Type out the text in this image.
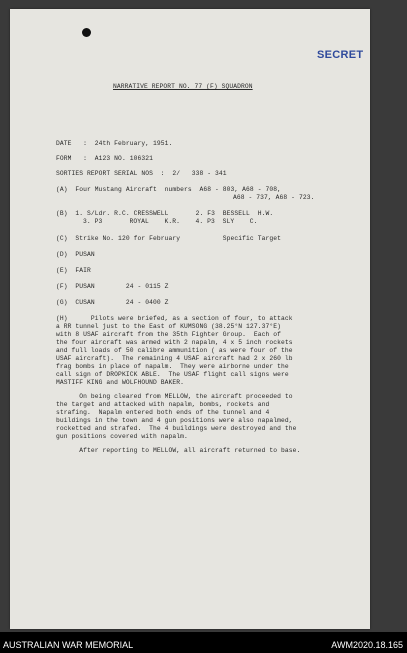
SECRET
NARRATIVE REPORT NO. 77 (F) SQUADRON
DATE   :  24th February, 1951.
FORM   :  A123 NO. 106321
SORTIES REPORT SERIAL NOS  :  2/   338 - 341
(A)  Four Mustang Aircraft  numbers  A68 - 803, A68 - 708,
A68 - 737, A68 - 723.
(B)  1. S/Ldr. R.C. CRESSWELL       2. F3  BESSELL  H.W.
3. P3       ROYAL    K.R.    4. P3  SLY    C.
(C)  Strike No. 120 for February           Specific Target
(D)  PUSAN
(E)  FAIR
(F)  PUSAN        24 - 0115 Z
(G)  CUSAN        24 - 0400 Z
(H)      Pilots were briefed, as a section of four, to attack
a RR tunnel just to the East of KUMSONG (38.25°N 127.37°E)
with 8 USAF aircraft from the 35th Fighter Group.  Each of
the four aircraft was armed with 2 napalm, 4 x 5 inch rockets
and full loads of 50 calibre ammunition ( as were four of the
USAF aircraft).  The remaining 4 USAF aircraft had 2 x 260 lb
frag bombs in place of napalm.  They were airborne under the
call sign of DROPKICK ABLE.  The USAF flight call signs were
MASTIFF KING and WOLFHOUND BAKER.
On being cleared from MELLOW, the aircraft proceeded to
the target and attacked with napalm, bombs, rockets and
strafing.  Napalm entered both ends of the tunnel and 4
buildings in the town and 4 gun positions were also napalmed,
rocketted and strafed.  The 4 buildings were destroyed and the
gun positions covered with napalm.
After reporting to MELLOW, all aircraft returned to base.
AUSTRALIAN WAR MEMORIAL	AWM2020.18.165
